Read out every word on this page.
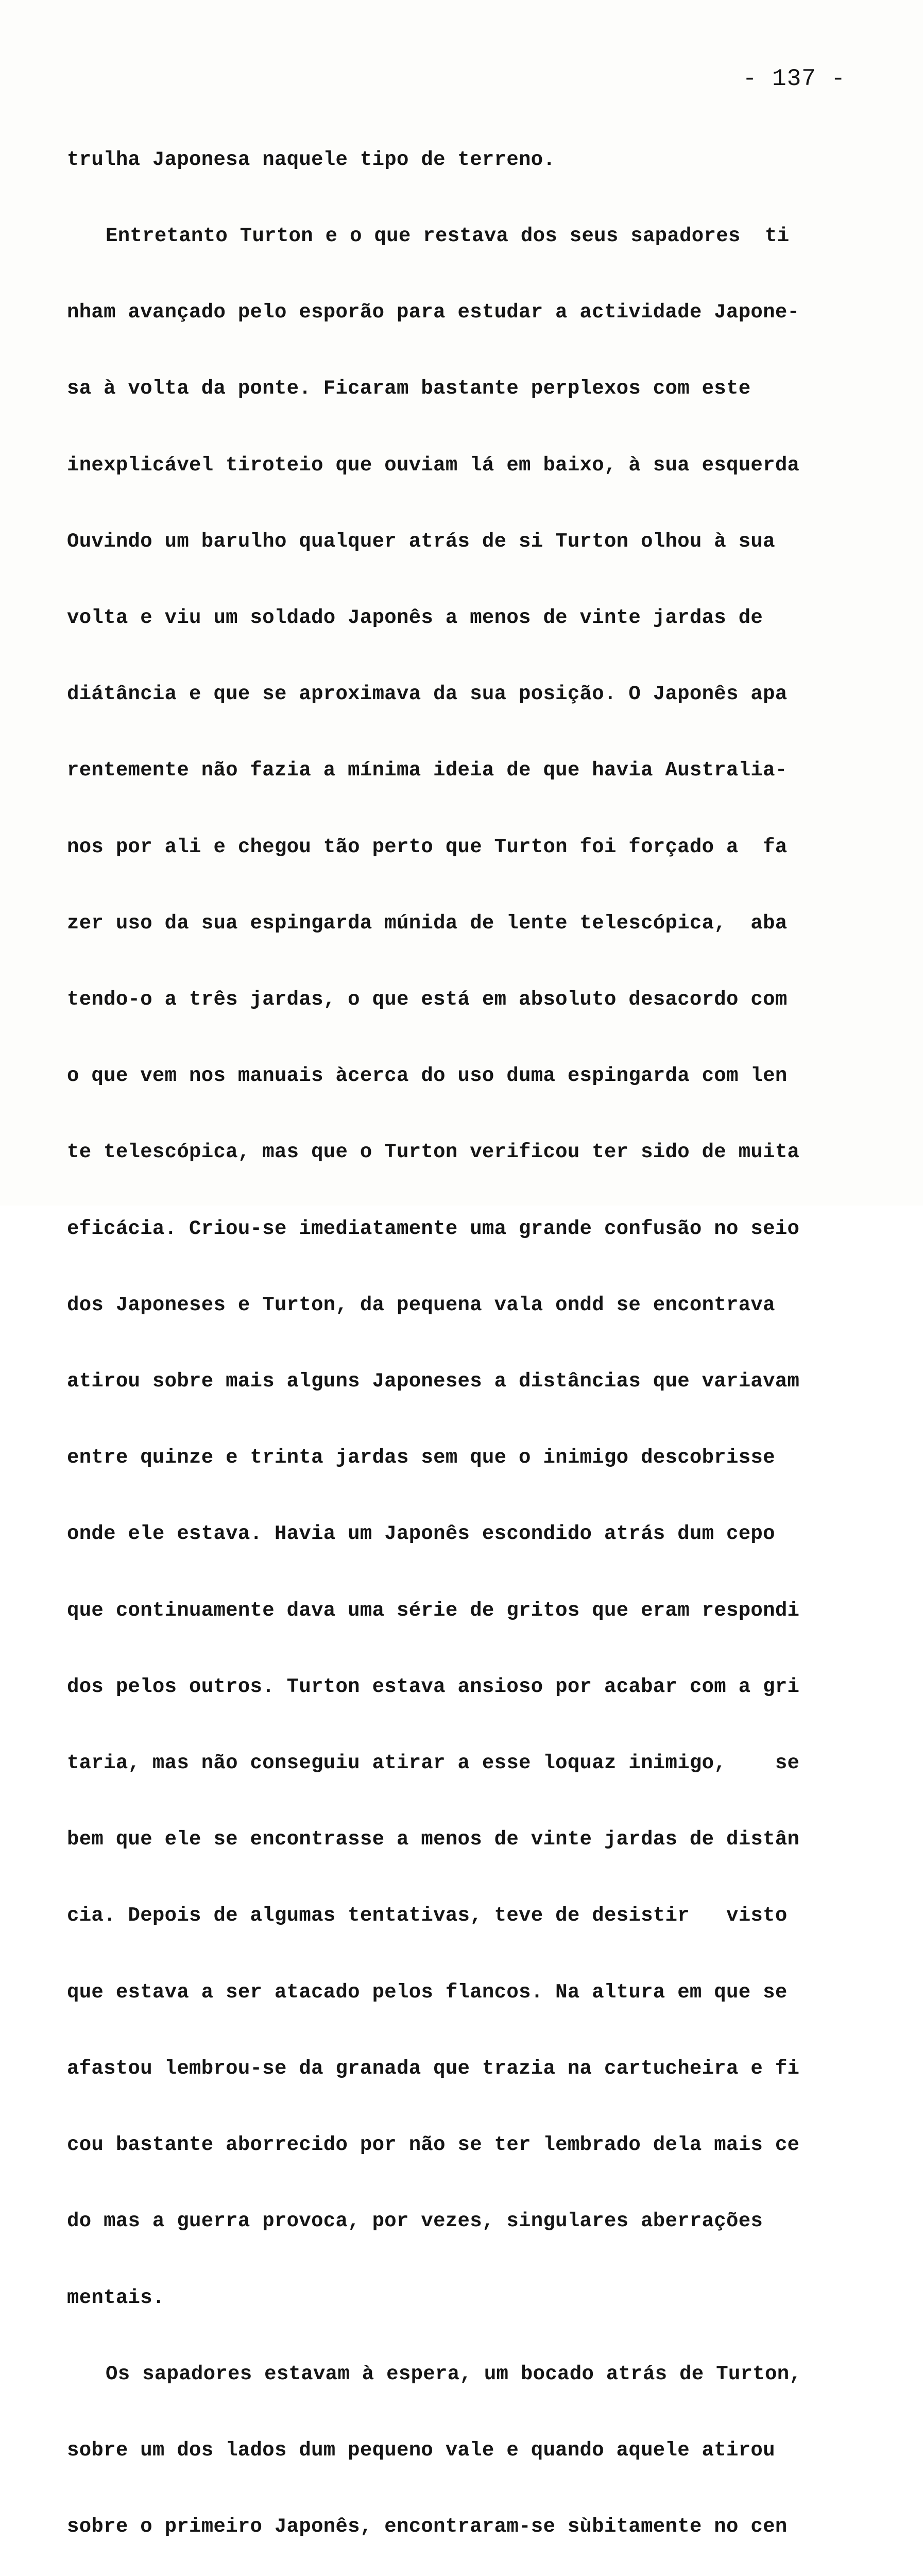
- 137 -

trulha Japonesa naquele tipo de terreno.

Entretanto Turton e o que restava dos seus sapadores  ti

nham avançado pelo esporão para estudar a actividade Japone-

sa à volta da ponte. Ficaram bastante perplexos com este

inexplicável tiroteio que ouviam lá em baixo, à sua esquerda

Ouvindo um barulho qualquer atrás de si Turton olhou à sua

volta e viu um soldado Japonês a menos de vinte jardas de

diátância e que se aproximava da sua posição. O Japonês apa

rentemente não fazia a mínima ideia de que havia Australia-

nos por ali e chegou tão perto que Turton foi forçado a  fa

zer uso da sua espingarda múnida de lente telescópica,  aba

tendo-o a três jardas, o que está em absoluto desacordo com

o que vem nos manuais àcerca do uso duma espingarda com len

te telescópica, mas que o Turton verificou ter sido de muita

eficácia. Criou-se imediatamente uma grande confusão no seio

dos Japoneses e Turton, da pequena vala ondd se encontrava

atirou sobre mais alguns Japoneses a distâncias que variavam

entre quinze e trinta jardas sem que o inimigo descobrisse

onde ele estava. Havia um Japonês escondido atrás dum cepo

que continuamente dava uma série de gritos que eram respondi

dos pelos outros. Turton estava ansioso por acabar com a gri

taria, mas não conseguiu atirar a esse loquaz inimigo,    se

bem que ele se encontrasse a menos de vinte jardas de distân

cia. Depois de algumas tentativas, teve de desistir   visto

que estava a ser atacado pelos flancos. Na altura em que se

afastou lembrou-se da granada que trazia na cartucheira e fi

cou bastante aborrecido por não se ter lembrado dela mais ce

do mas a guerra provoca, por vezes, singulares aberrações

mentais.

Os sapadores estavam à espera, um bocado atrás de Turton,

sobre um dos lados dum pequeno vale e quando aquele atirou

sobre o primeiro Japonês, encontraram-se sùbitamente no cen
